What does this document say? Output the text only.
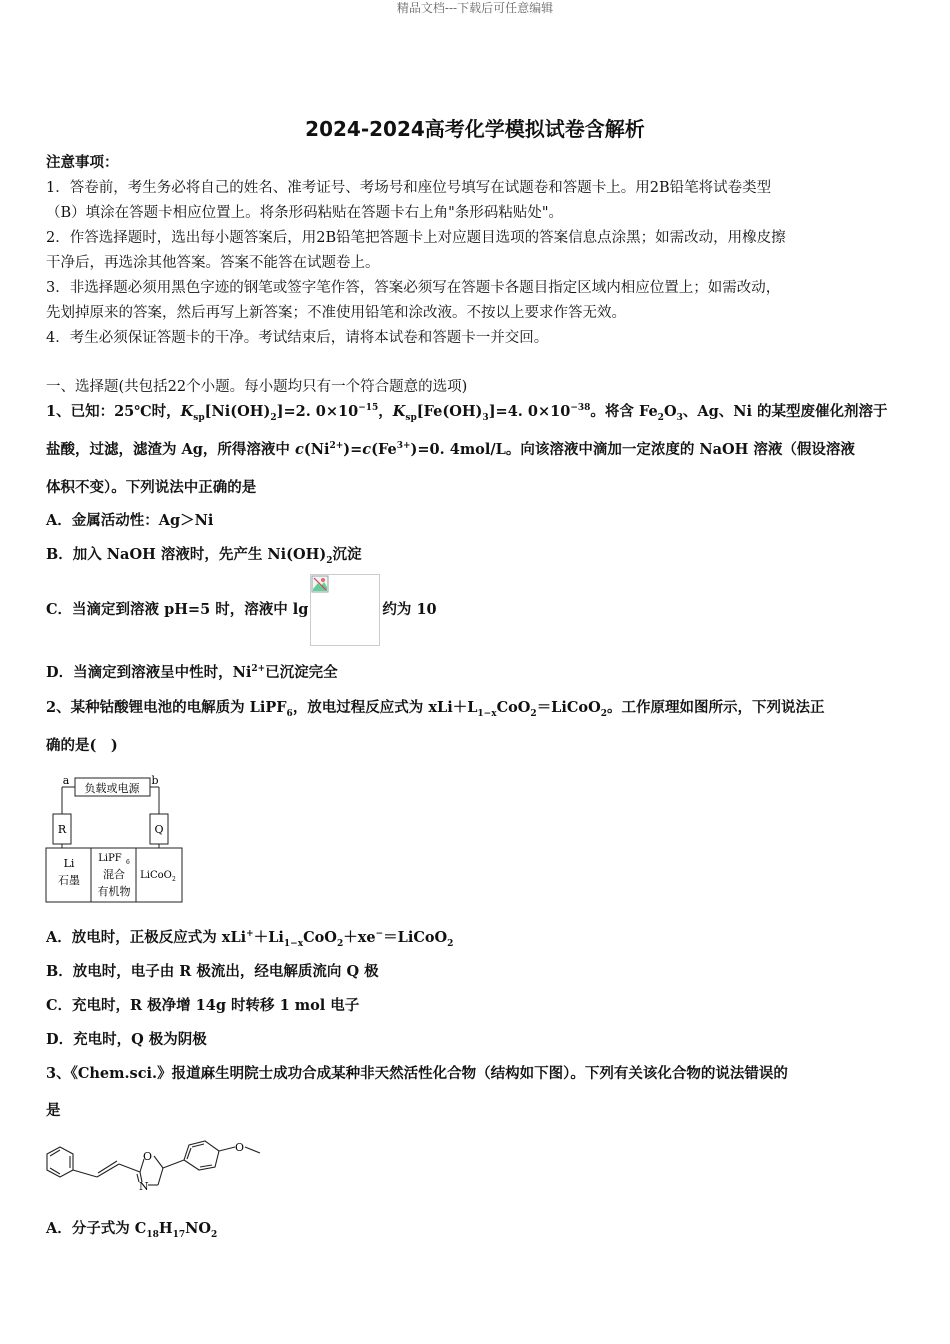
精品文档---下载后可任意编辑
2024-2024高考化学模拟试卷含解析
注意事项：
1．答卷前，考生务必将自己的姓名、准考证号、考场号和座位号填写在试题卷和答题卡上。用2B铅笔将试卷类型
（B）填涂在答题卡相应位置上。将条形码粘贴在答题卡右上角"条形码粘贴处"。
2．作答选择题时，选出每小题答案后，用2B铅笔把答题卡上对应题目选项的答案信息点涂黑；如需改动，用橡皮擦
干净后，再选涂其他答案。答案不能答在试题卷上。
3．非选择题必须用黑色字迹的钢笔或签字笔作答，答案必须写在答题卡各题目指定区域内相应位置上；如需改动，
先划掉原来的答案，然后再写上新答案；不准使用铅笔和涂改液。不按以上要求作答无效。
4．考生必须保证答题卡的干净。考试结束后，请将本试卷和答题卡一并交回。
一、选择题(共包括22个小题。每小题均只有一个符合题意的选项)
1、已知：25℃时，$K_{sp}[Ni(OH)_2]=2$. $0\times 10^{-15}$，$K_{sp}[Fe(OH)_3]=4$. $0\times 10^{-38}$。将含 $Fe_2O_3$、Ag、Ni 的某型废催化剂溶于
盐酸，过滤，滤渣为 Ag，所得溶液中 $c(Ni^{2+})=c(Fe^{3+})=0$. 4mol/L。向该溶液中滴加一定浓度的 NaOH 溶液（假设溶液
体积不变）。下列说法中正确的是
A．金属活动性：Ag＞Ni
B．加入 NaOH 溶液时，先产生 $Ni(OH)_2$沉淀
C．当滴定到溶液 pH=5 时，溶液中 lg	约为 10
D．当滴定到溶液呈中性时，$Ni^{2+}$已沉淀完全
2、某种钴酸锂电池的电解质为 LiPF$_6$，放电过程反应式为 $xLi+L_{1-x}CoO_2=LiCoO_2$。工作原理如图所示，下列说法正
确的是(　)
a	b
负载或电源
R	Q
Li
石墨
LiPF 6
混合
有机物
LiCoO 2
A．放电时，正极反应式为 $xLi^++Li_{1-x}CoO_2+xe^-=LiCoO_2$
B．放电时，电子由 R 极流出，经电解质流向 Q 极
C．充电时，R 极净增 14g 时转移 1 mol 电子
D．充电时，Q 极为阴极
3、《Chem.sci.》报道麻生明院士成功合成某种非天然活性化合物（结构如下图）。下列有关该化合物的说法错误的
是
O
N
O
A．分子式为 $C_{18}H_{17}NO_2$
